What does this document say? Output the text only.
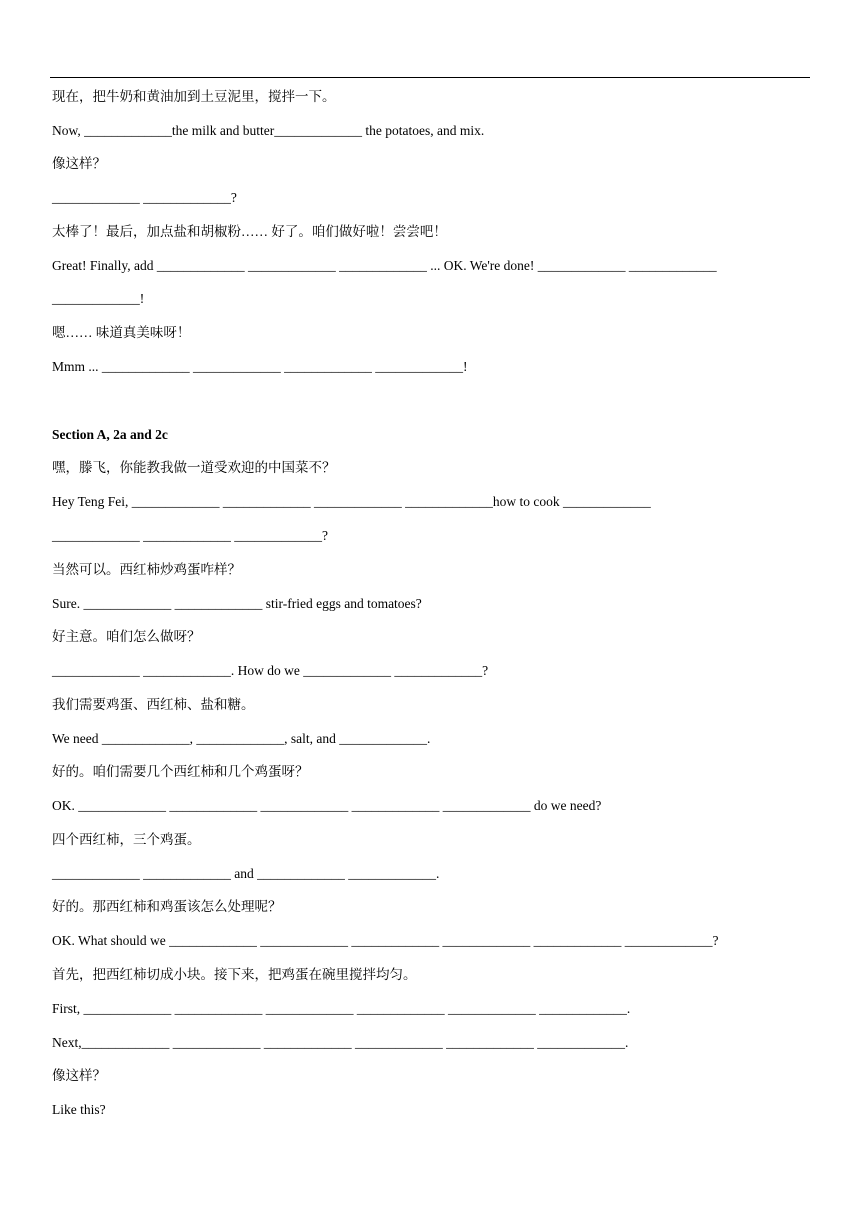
现在，把牛奶和黄油加到土豆泥里，搅拌一下。
Now, _____________the milk and butter_____________ the potatoes, and mix.
像这样？
_____________ _____________?
太棒了！最后，加点盐和胡椒粉…… 好了。咱们做好啦！尝尝吧！
Great! Finally, add _____________ _____________ _____________ ... OK. We're done! _____________ _____________
_____________!
嗯…… 味道真美味呀！
Mmm ... _____________ _____________ _____________ _____________!
Section A, 2a and 2c
嘿，滕飞，你能教我做一道受欢迎的中国菜不？
Hey Teng Fei, _____________ _____________ _____________ _____________how to cook _____________
_____________ _____________ _____________?
当然可以。西红柿炒鸡蛋咋样？
Sure. _____________ _____________ stir-fried eggs and tomatoes?
好主意。咱们怎么做呀？
_____________ _____________. How do we _____________ _____________?
我们需要鸡蛋、西红柿、盐和糖。
We need _____________, _____________, salt, and _____________.
好的。咱们需要几个西红柿和几个鸡蛋呀？
OK. _____________ _____________ _____________ _____________ _____________ do we need?
四个西红柿，三个鸡蛋。
_____________ _____________ and _____________ _____________.
好的。那西红柿和鸡蛋该怎么处理呢？
OK. What should we _____________ _____________ _____________ _____________ _____________ _____________?
首先，把西红柿切成小块。接下来，把鸡蛋在碗里搅拌均匀。
First, _____________ _____________ _____________ _____________ _____________ _____________.
Next,_____________ _____________ _____________ _____________ _____________ _____________.
像这样？
Like this?
